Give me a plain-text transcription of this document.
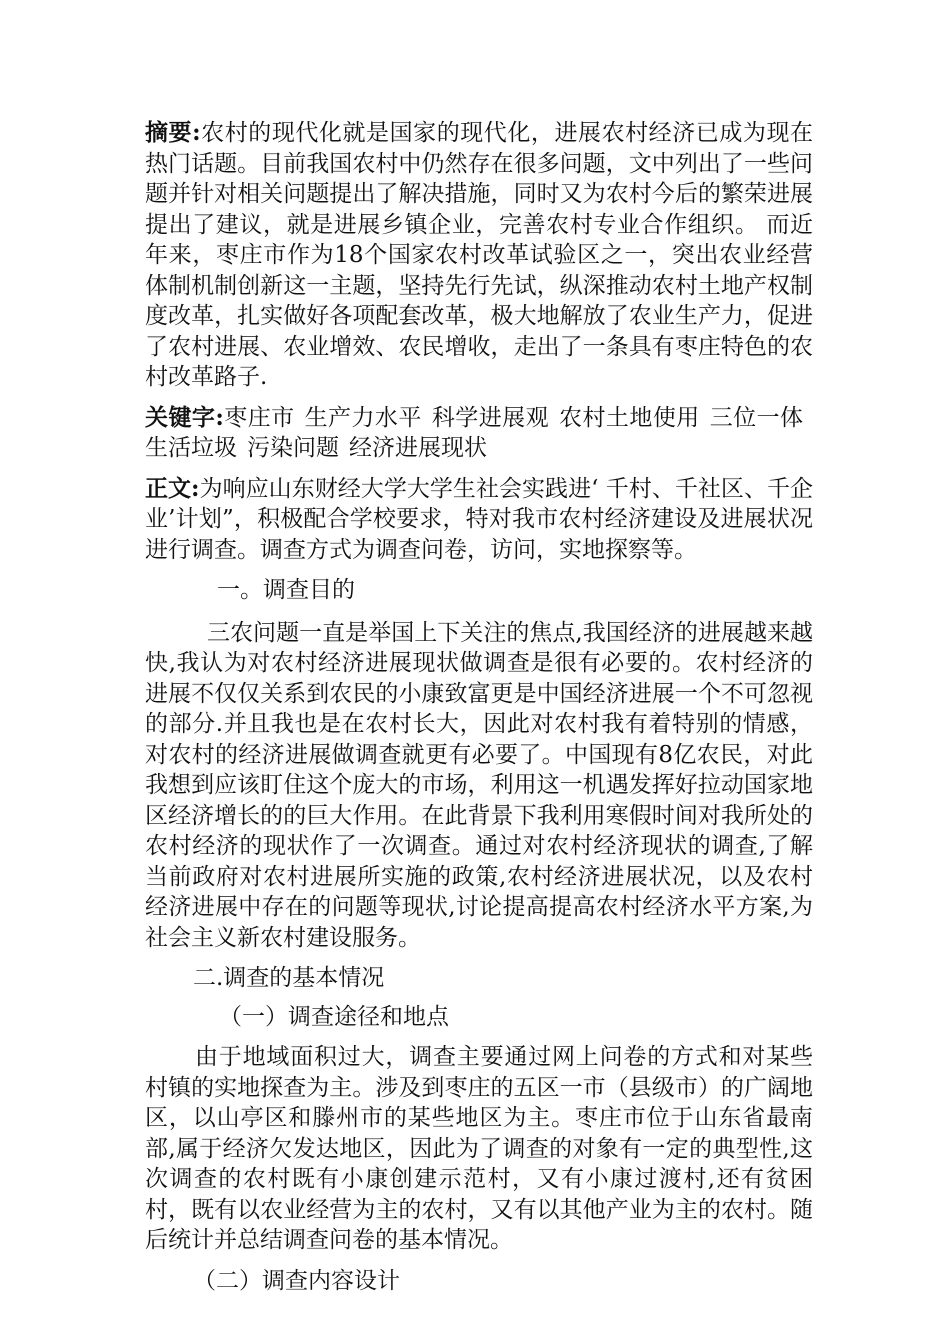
摘要:农村的现代化就是国家的现代化，进展农村经济已成为现在热门话题。目前我国农村中仍然存在很多问题，文中列出了一些问题并针对相关问题提出了解决措施，同时又为农村今后的繁荣进展提出了建议，就是进展乡镇企业，完善农村专业合作组织。 而近年来，枣庄市作为18个国家农村改革试验区之一，突出农业经营体制机制创新这一主题，坚持先行先试，纵深推动农村土地产权制度改革，扎实做好各项配套改革，极大地解放了农业生产力，促进了农村进展、农业增效、农民增收，走出了一条具有枣庄特色的农村改革路子.

关键字:枣庄市 生产力水平 科学进展观 农村土地使用 三位一体生活垃圾 污染问题 经济进展现状

正文:为响应山东财经大学大学生社会实践进‘ 千村、千社区、千企业’计划”，积极配合学校要求，特对我市农村经济建设及进展状况进行调查。调查方式为调查问卷，访问，实地探察等。

一。调查目的

三农问题一直是举国上下关注的焦点,我国经济的进展越来越快,我认为对农村经济进展现状做调查是很有必要的。农村经济的进展不仅仅关系到农民的小康致富更是中国经济进展一个不可忽视的部分.并且我也是在农村长大，因此对农村我有着特别的情感，对农村的经济进展做调查就更有必要了。中国现有8亿农民，对此我想到应该盯住这个庞大的市场，利用这一机遇发挥好拉动国家地区经济增长的的巨大作用。在此背景下我利用寒假时间对我所处的农村经济的现状作了一次调查。通过对农村经济现状的调查,了解当前政府对农村进展所实施的政策,农村经济进展状况，以及农村经济进展中存在的问题等现状,讨论提高提高农村经济水平方案,为社会主义新农村建设服务。

二.调查的基本情况

（一）调查途径和地点

由于地域面积过大，调查主要通过网上问卷的方式和对某些村镇的实地探查为主。涉及到枣庄的五区一市（县级市）的广阔地区，以山亭区和滕州市的某些地区为主。枣庄市位于山东省最南部,属于经济欠发达地区，因此为了调查的对象有一定的典型性,这次调查的农村既有小康创建示范村，又有小康过渡村,还有贫困村，既有以农业经营为主的农村，又有以其他产业为主的农村。随后统计并总结调查问卷的基本情况。

（二）调查内容设计
